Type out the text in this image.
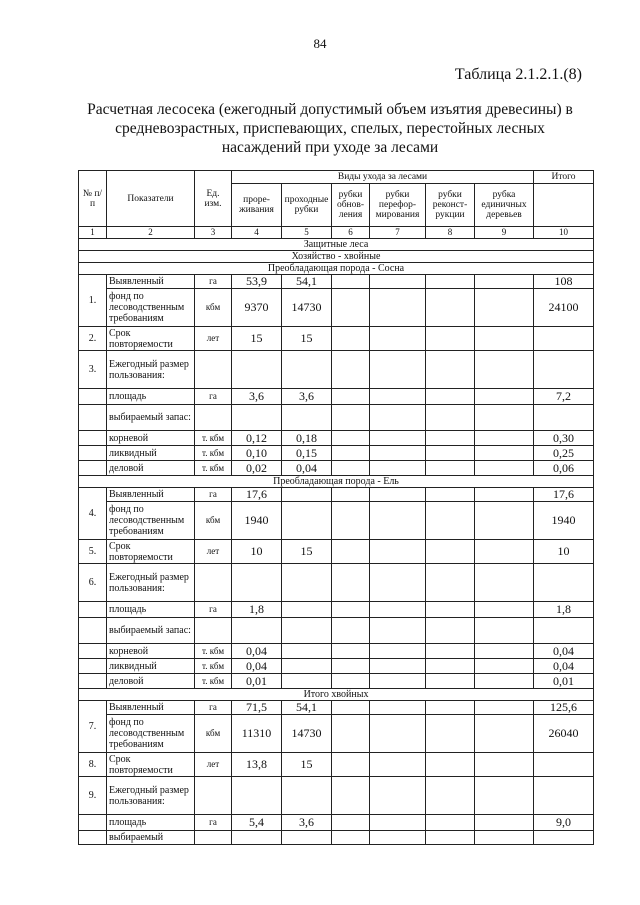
84
Таблица 2.1.2.1.(8)
Расчетная лесосека (ежегодный допустимый объем изъятия древесины) в
средневозрастных, приспевающих, спелых, перестойных лесных
насаждений при уходе за лесами
№ п/п	Показатели	Ед. изм.	Виды ухода за лесами						Итого
			прорe-живания	проходные рубки	рубки обнов-ления	рубки перефор-мирования	рубки реконст-рукции	рубка единичных деревьев	

1	2	3	4	5	6	7	8	9	10
Защитные леса									
Хозяйство - хвойные									
Преобладающая порода - Сосна									
1.	Выявленный	га	53,9	54,1					108
	фонд по лесоводственным требованиям	кбм	9370	14730					24100
2.	Срок повторяемости	лет	15	15					
3.	Ежегодный размер пользования:								
	площадь	га	3,6	3,6					7,2
	выбираемый запас:								
	корневой	т. кбм	0,12	0,18					0,30
	ликвидный	т. кбм	0,10	0,15					0,25
	деловой	т. кбм	0,02	0,04					0,06
Преобладающая порода - Ель									
4.	Выявленный	га	17,6						17,6
	фонд по лесоводственным требованиям	кбм	1940						1940
5.	Срок повторяемости	лет	10	15					10
6.	Ежегодный размер пользования:								
	площадь	га	1,8						1,8
	выбираемый запас:								
	корневой	т. кбм	0,04						0,04
	ликвидный	т. кбм	0,04						0,04
	деловой	т. кбм	0,01						0,01
Итого хвойных									
7.	Выявленный	га	71,5	54,1					125,6
	фонд по лесоводственным требованиям	кбм	11310	14730					26040
8.	Срок повторяемости	лет	13,8	15					
9.	Ежегодный размер пользования:								
	площадь	га	5,4	3,6					9,0
	выбираемый								
